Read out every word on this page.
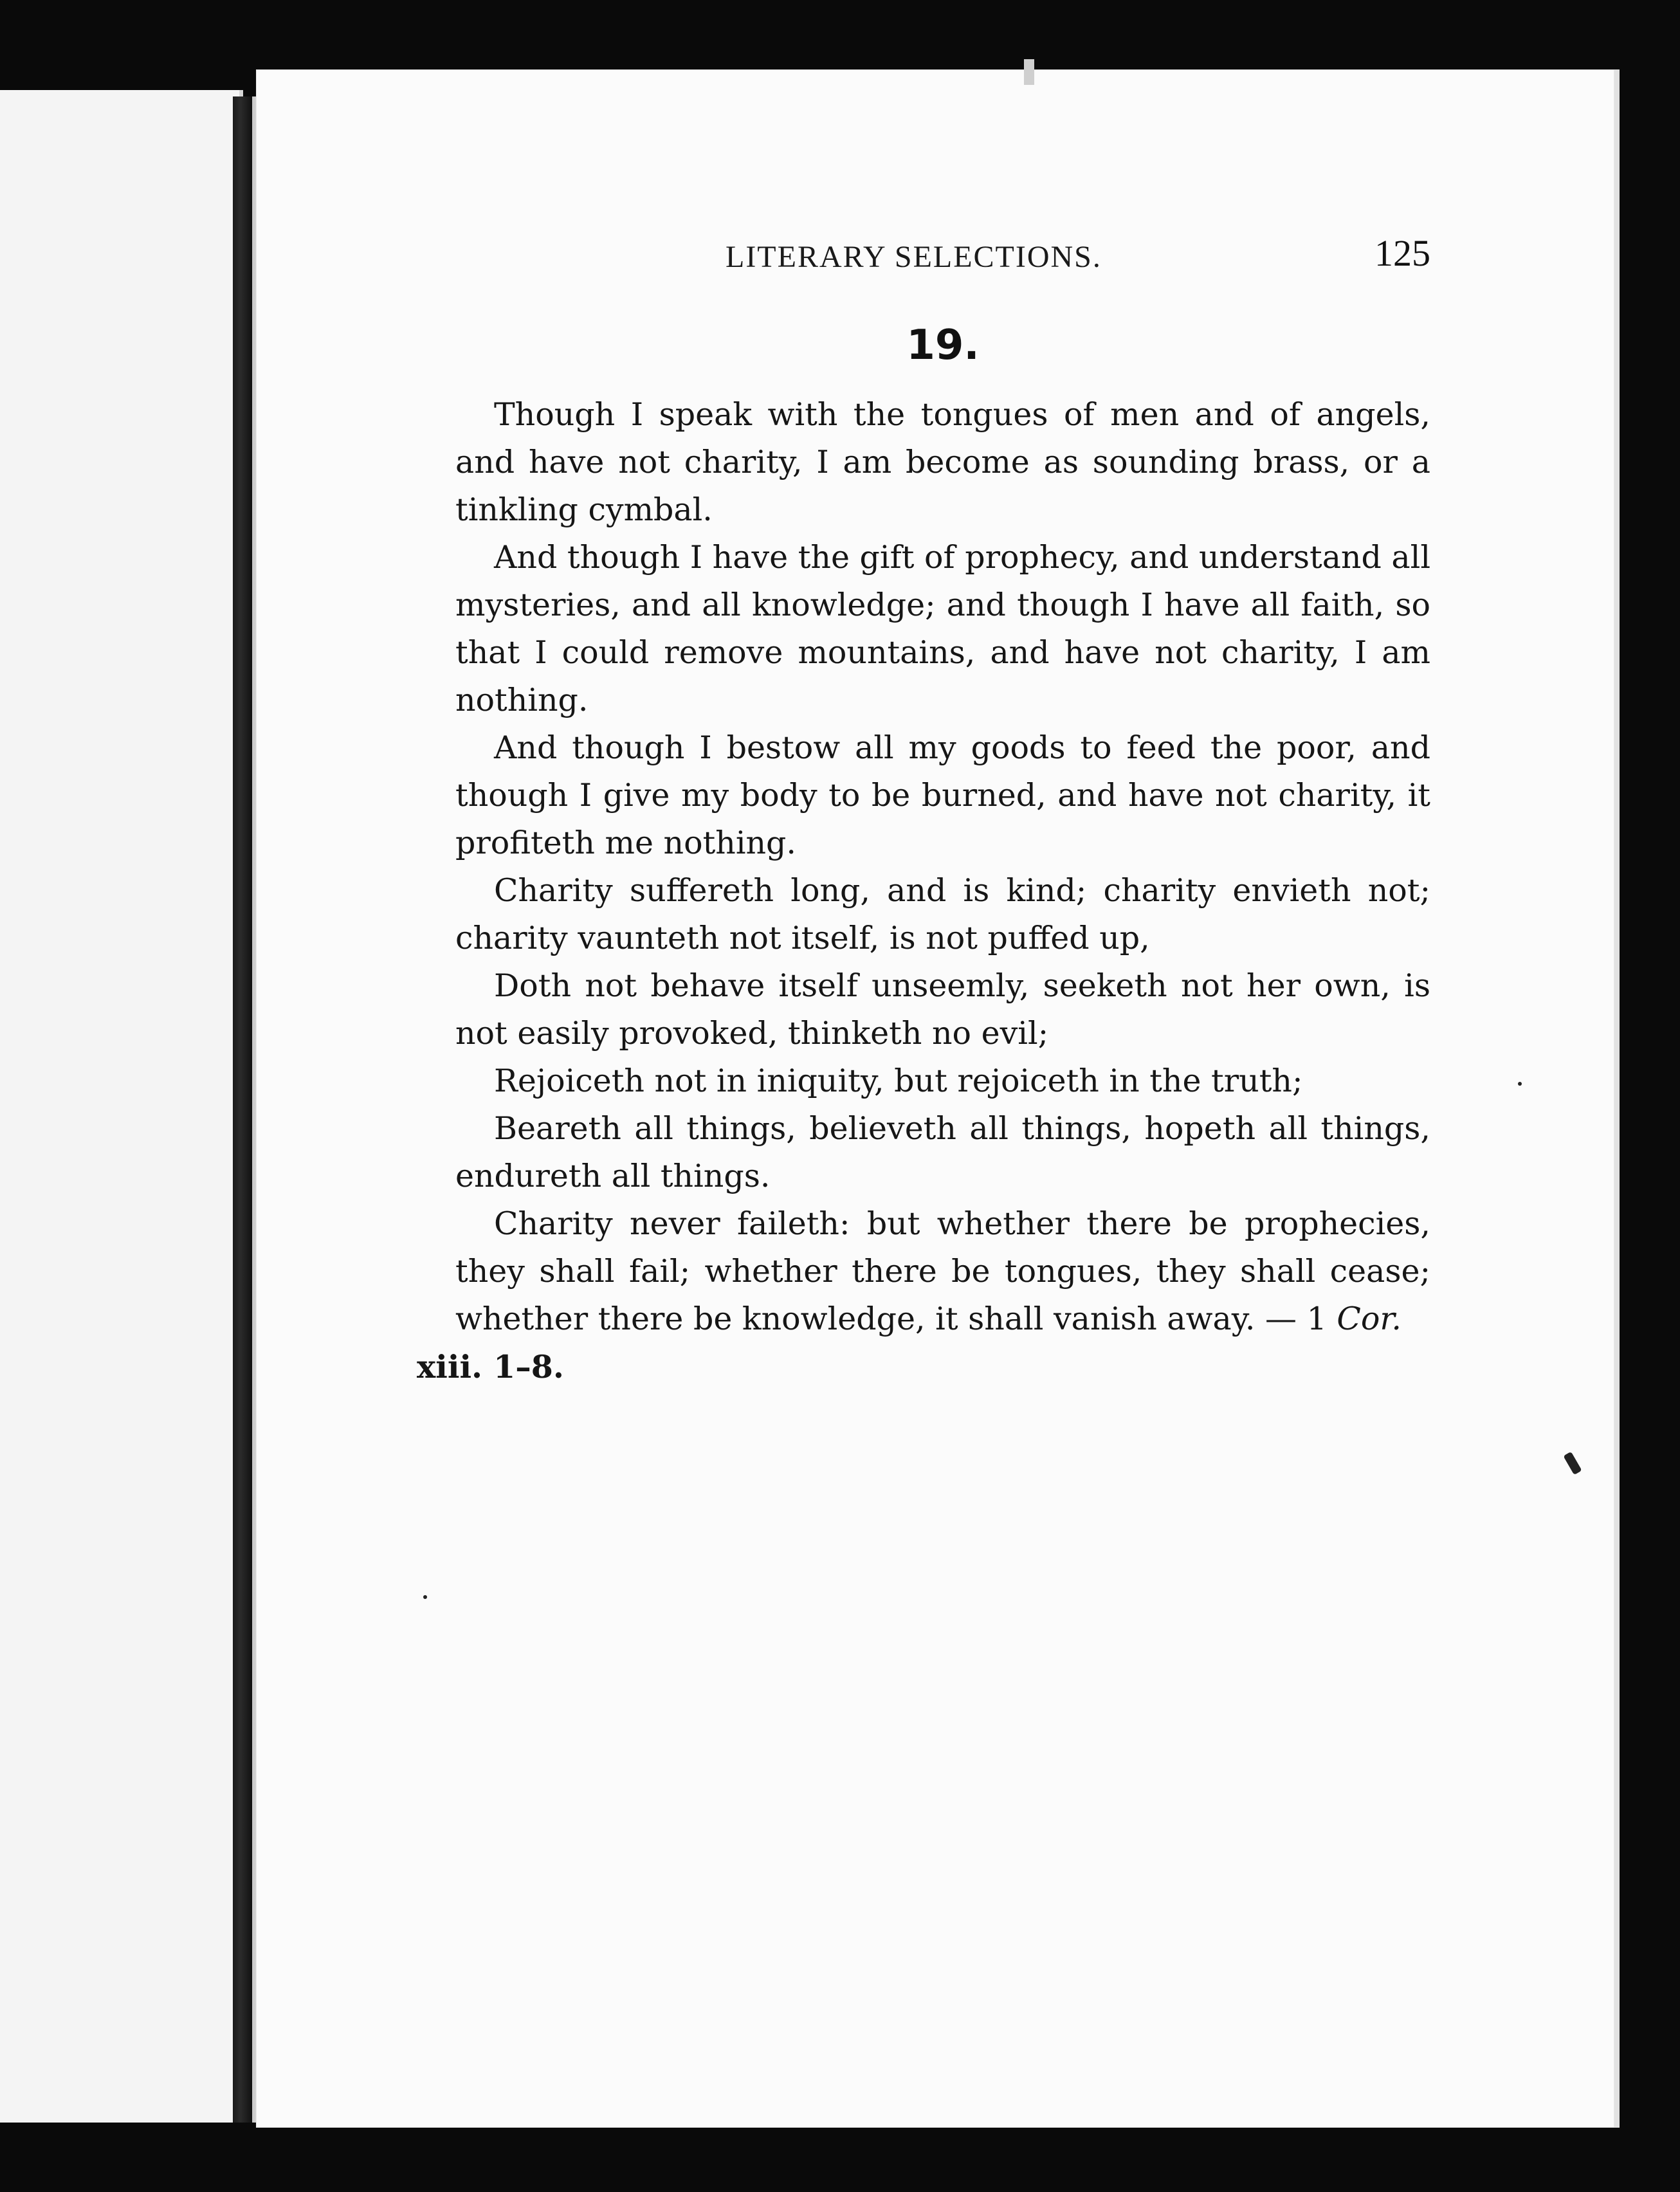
LITERARY SELECTIONS.	125
19.

Though I speak with the tongues of men and of angels, and have not charity, I am become as sounding brass, or a tinkling cymbal.

And though I have the gift of prophecy, and understand all mysteries, and all knowledge; and though I have all faith, so that I could remove mountains, and have not charity, I am nothing.

And though I bestow all my goods to feed the poor, and though I give my body to be burned, and have not charity, it profiteth me nothing.

Charity suffereth long, and is kind; charity envieth not; charity vaunteth not itself, is not puffed up,

Doth not behave itself unseemly, seeketh not her own, is not easily provoked, thinketh no evil;

Rejoiceth not in iniquity, but rejoiceth in the truth;

Beareth all things, believeth all things, hopeth all things, endureth all things.

Charity never faileth: but whether there be prophecies, they shall fail; whether there be tongues, they shall cease; whether there be knowledge, it shall vanish away. — 1 Cor.
xiii. 1–8.
